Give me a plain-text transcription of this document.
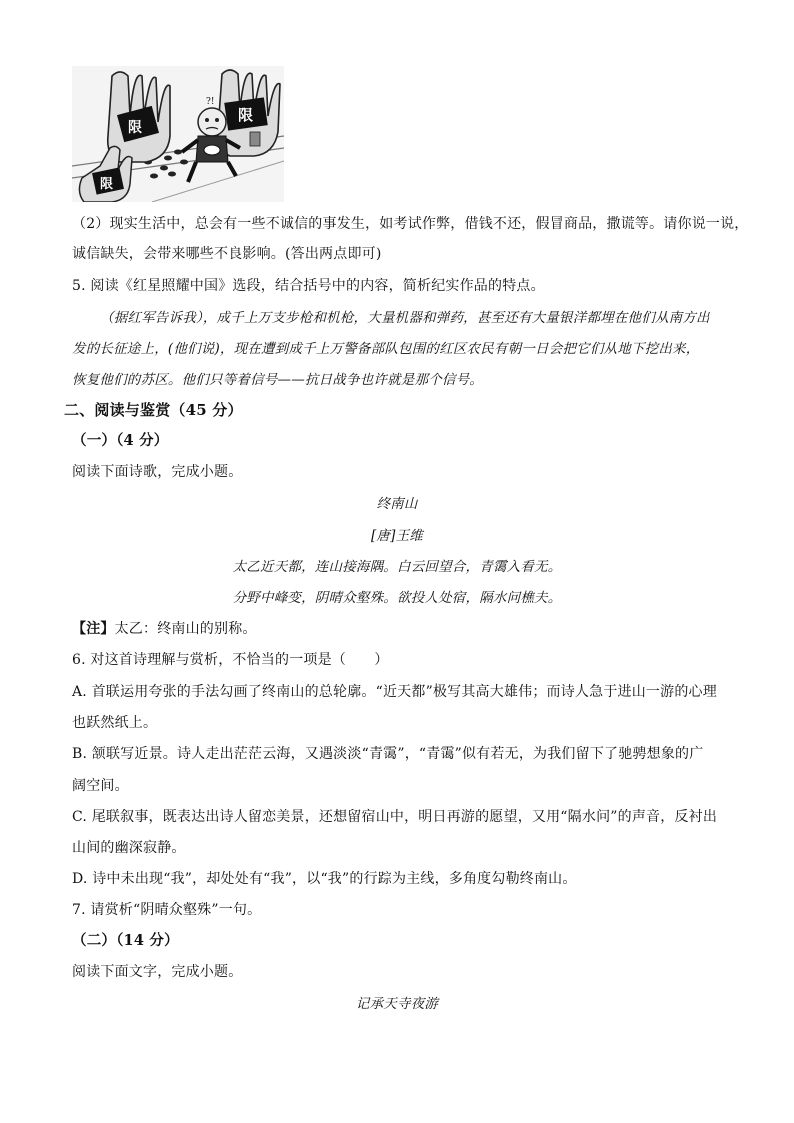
?!
限
限
限
（2）现实生活中，总会有一些不诚信的事发生，如考试作弊，借钱不还，假冒商品，撒谎等。请你说一说，
诚信缺失，会带来哪些不良影响。(答出两点即可)
5. 阅读《红星照耀中国》选段，结合括号中的内容，简析纪实作品的特点。
（据红军告诉我），成千上万支步枪和机枪，大量机器和弹药，甚至还有大量银洋都埋在他们从南方出
发的长征途上，(他们说)，现在遭到成千上万警备部队包围的红区农民有朝一日会把它们从地下挖出来，
恢复他们的苏区。他们只等着信号——抗日战争也许就是那个信号。
二、阅读与鉴赏（45 分）
（一）（4 分）
阅读下面诗歌，完成小题。
终南山
[唐]王维
太乙近天都，连山接海隅。白云回望合，青霭入看无。
分野中峰变，阴晴众壑殊。欲投人处宿，隔水问樵夫。
【注】太乙：终南山的别称。
6. 对这首诗理解与赏析，不恰当的一项是（　　）
A. 首联运用夸张的手法勾画了终南山的总轮廓。“近天都”极写其高大雄伟；而诗人急于进山一游的心理
也跃然纸上。
B. 颔联写近景。诗人走出茫茫云海，又遇淡淡“青霭”，“青霭”似有若无，为我们留下了驰骋想象的广
阔空间。
C. 尾联叙事，既表达出诗人留恋美景，还想留宿山中，明日再游的愿望，又用“隔水问”的声音，反衬出
山间的幽深寂静。
D. 诗中未出现“我”，却处处有“我”，以“我”的行踪为主线，多角度勾勒终南山。
7. 请赏析“阴晴众壑殊”一句。
（二）（14 分）
阅读下面文字，完成小题。
记承天寺夜游
